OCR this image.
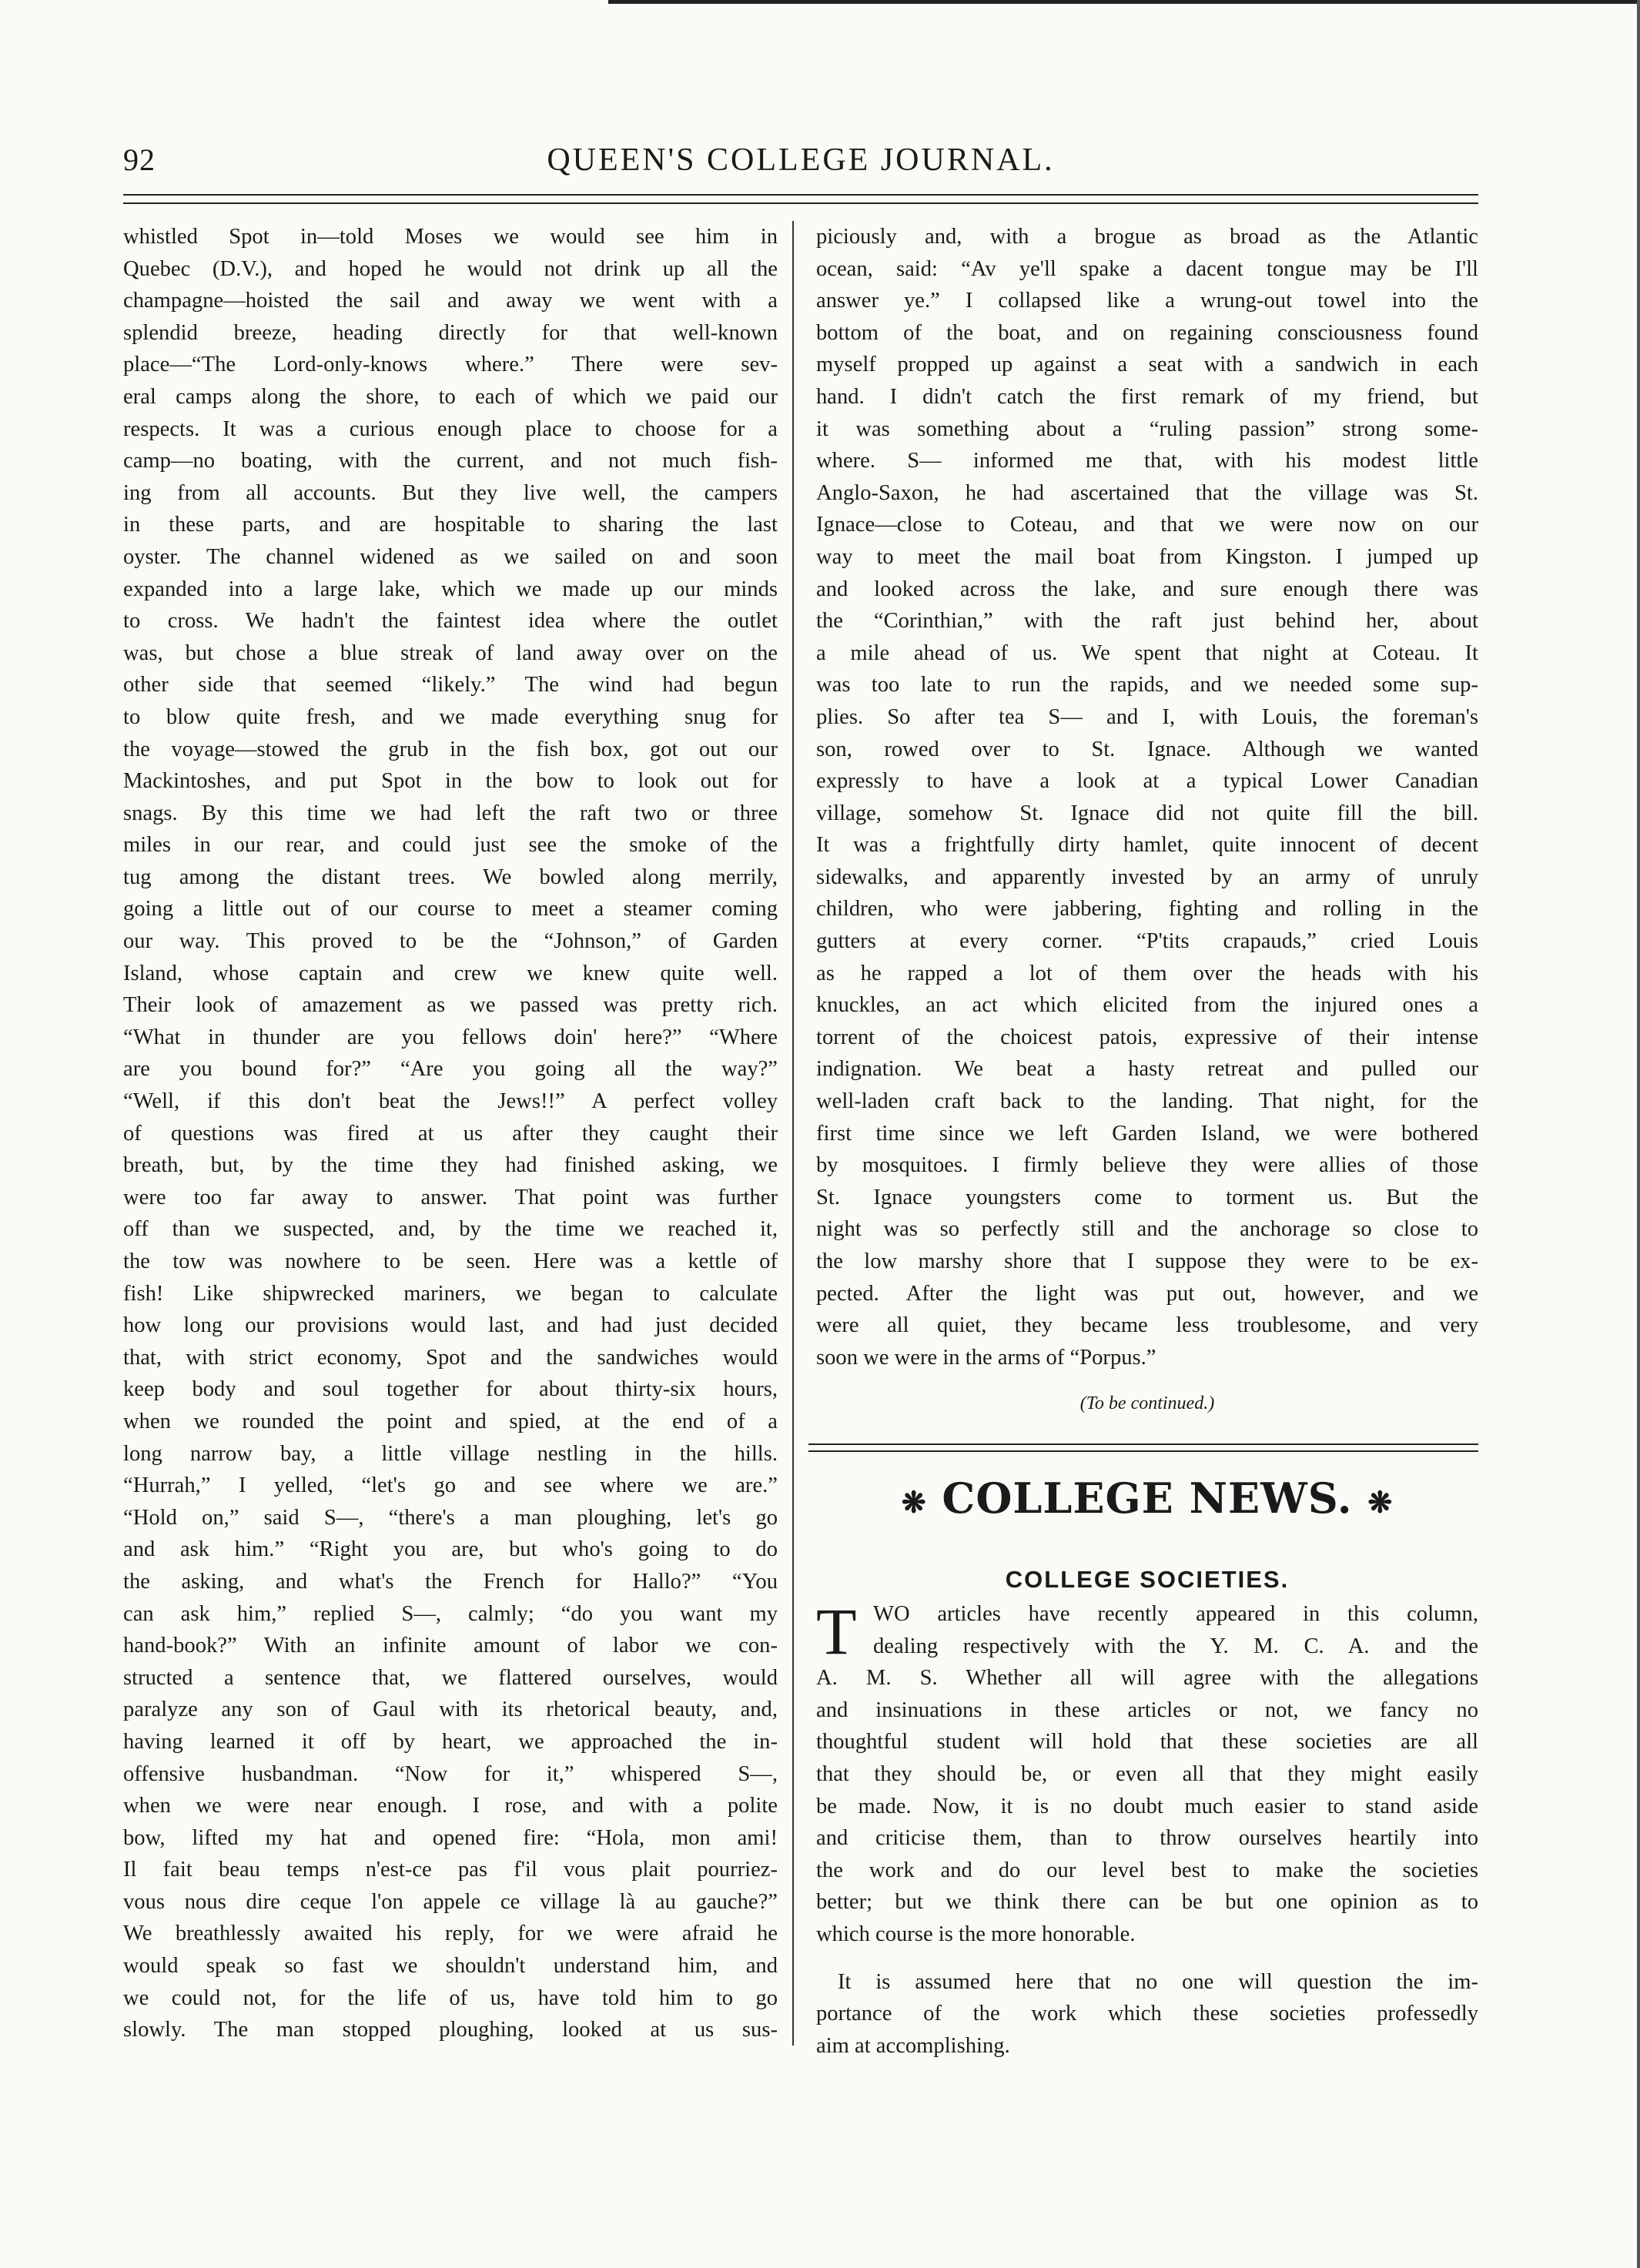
92	QUEEN'S COLLEGE JOURNAL.
whistled Spot in—told Moses we would see him in
Quebec (D.V.), and hoped he would not drink up all the
champagne—hoisted the sail and away we went with a
splendid breeze, heading directly for that well-known
place—“The Lord-only-knows where.” There were sev-
eral camps along the shore, to each of which we paid our
respects. It was a curious enough place to choose for a
camp—no boating, with the current, and not much fish-
ing from all accounts. But they live well, the campers
in these parts, and are hospitable to sharing the last
oyster. The channel widened as we sailed on and soon
expanded into a large lake, which we made up our minds
to cross. We hadn't the faintest idea where the outlet
was, but chose a blue streak of land away over on the
other side that seemed “likely.” The wind had begun
to blow quite fresh, and we made everything snug for
the voyage—stowed the grub in the fish box, got out our
Mackintoshes, and put Spot in the bow to look out for
snags. By this time we had left the raft two or three
miles in our rear, and could just see the smoke of the
tug among the distant trees. We bowled along merrily,
going a little out of our course to meet a steamer coming
our way. This proved to be the “Johnson,” of Garden
Island, whose captain and crew we knew quite well.
Their look of amazement as we passed was pretty rich.
“What in thunder are you fellows doin' here?” “Where
are you bound for?” “Are you going all the way?”
“Well, if this don't beat the Jews!!” A perfect volley
of questions was fired at us after they caught their
breath, but, by the time they had finished asking, we
were too far away to answer. That point was further
off than we suspected, and, by the time we reached it,
the tow was nowhere to be seen. Here was a kettle of
fish! Like shipwrecked mariners, we began to calculate
how long our provisions would last, and had just decided
that, with strict economy, Spot and the sandwiches would
keep body and soul together for about thirty-six hours,
when we rounded the point and spied, at the end of a
long narrow bay, a little village nestling in the hills.
“Hurrah,” I yelled, “let's go and see where we are.”
“Hold on,” said S—, “there's a man ploughing, let's go
and ask him.” “Right you are, but who's going to do
the asking, and what's the French for Hallo?” “You
can ask him,” replied S—, calmly; “do you want my
hand-book?” With an infinite amount of labor we con-
structed a sentence that, we flattered ourselves, would
paralyze any son of Gaul with its rhetorical beauty, and,
having learned it off by heart, we approached the in-
offensive husbandman. “Now for it,” whispered S—,
when we were near enough. I rose, and with a polite
bow, lifted my hat and opened fire: “Hola, mon ami!
Il fait beau temps n'est-ce pas f'il vous plait pourriez-
vous nous dire ceque l'on appele ce village là au gauche?”
We breathlessly awaited his reply, for we were afraid he
would speak so fast we shouldn't understand him, and
we could not, for the life of us, have told him to go
slowly. The man stopped ploughing, looked at us sus-
piciously and, with a brogue as broad as the Atlantic
ocean, said: “Av ye'll spake a dacent tongue may be I'll
answer ye.” I collapsed like a wrung-out towel into the
bottom of the boat, and on regaining consciousness found
myself propped up against a seat with a sandwich in each
hand. I didn't catch the first remark of my friend, but
it was something about a “ruling passion” strong some-
where. S— informed me that, with his modest little
Anglo-Saxon, he had ascertained that the village was St.
Ignace—close to Coteau, and that we were now on our
way to meet the mail boat from Kingston. I jumped up
and looked across the lake, and sure enough there was
the “Corinthian,” with the raft just behind her, about
a mile ahead of us. We spent that night at Coteau. It
was too late to run the rapids, and we needed some sup-
plies. So after tea S— and I, with Louis, the foreman's
son, rowed over to St. Ignace. Although we wanted
expressly to have a look at a typical Lower Canadian
village, somehow St. Ignace did not quite fill the bill.
It was a frightfully dirty hamlet, quite innocent of decent
sidewalks, and apparently invested by an army of unruly
children, who were jabbering, fighting and rolling in the
gutters at every corner. “P'tits crapauds,” cried Louis
as he rapped a lot of them over the heads with his
knuckles, an act which elicited from the injured ones a
torrent of the choicest patois, expressive of their intense
indignation. We beat a hasty retreat and pulled our
well-laden craft back to the landing. That night, for the
first time since we left Garden Island, we were bothered
by mosquitoes. I firmly believe they were allies of those
St. Ignace youngsters come to torment us. But the
night was so perfectly still and the anchorage so close to
the low marshy shore that I suppose they were to be ex-
pected. After the light was put out, however, and we
were all quiet, they became less troublesome, and very
soon we were in the arms of “Porpus.”
(To be continued.)
❋ COLLEGE NEWS. ❋
COLLEGE SOCIETIES.
T WO articles have recently appeared in this column,
dealing respectively with the Y. M. C. A. and the
A. M. S. Whether all will agree with the allegations
and insinuations in these articles or not, we fancy no
thoughtful student will hold that these societies are all
that they should be, or even all that they might easily
be made. Now, it is no doubt much easier to stand aside
and criticise them, than to throw ourselves heartily into
the work and do our level best to make the societies
better; but we think there can be but one opinion as to
which course is the more honorable.
It is assumed here that no one will question the im-
portance of the work which these societies professedly
aim at accomplishing.
